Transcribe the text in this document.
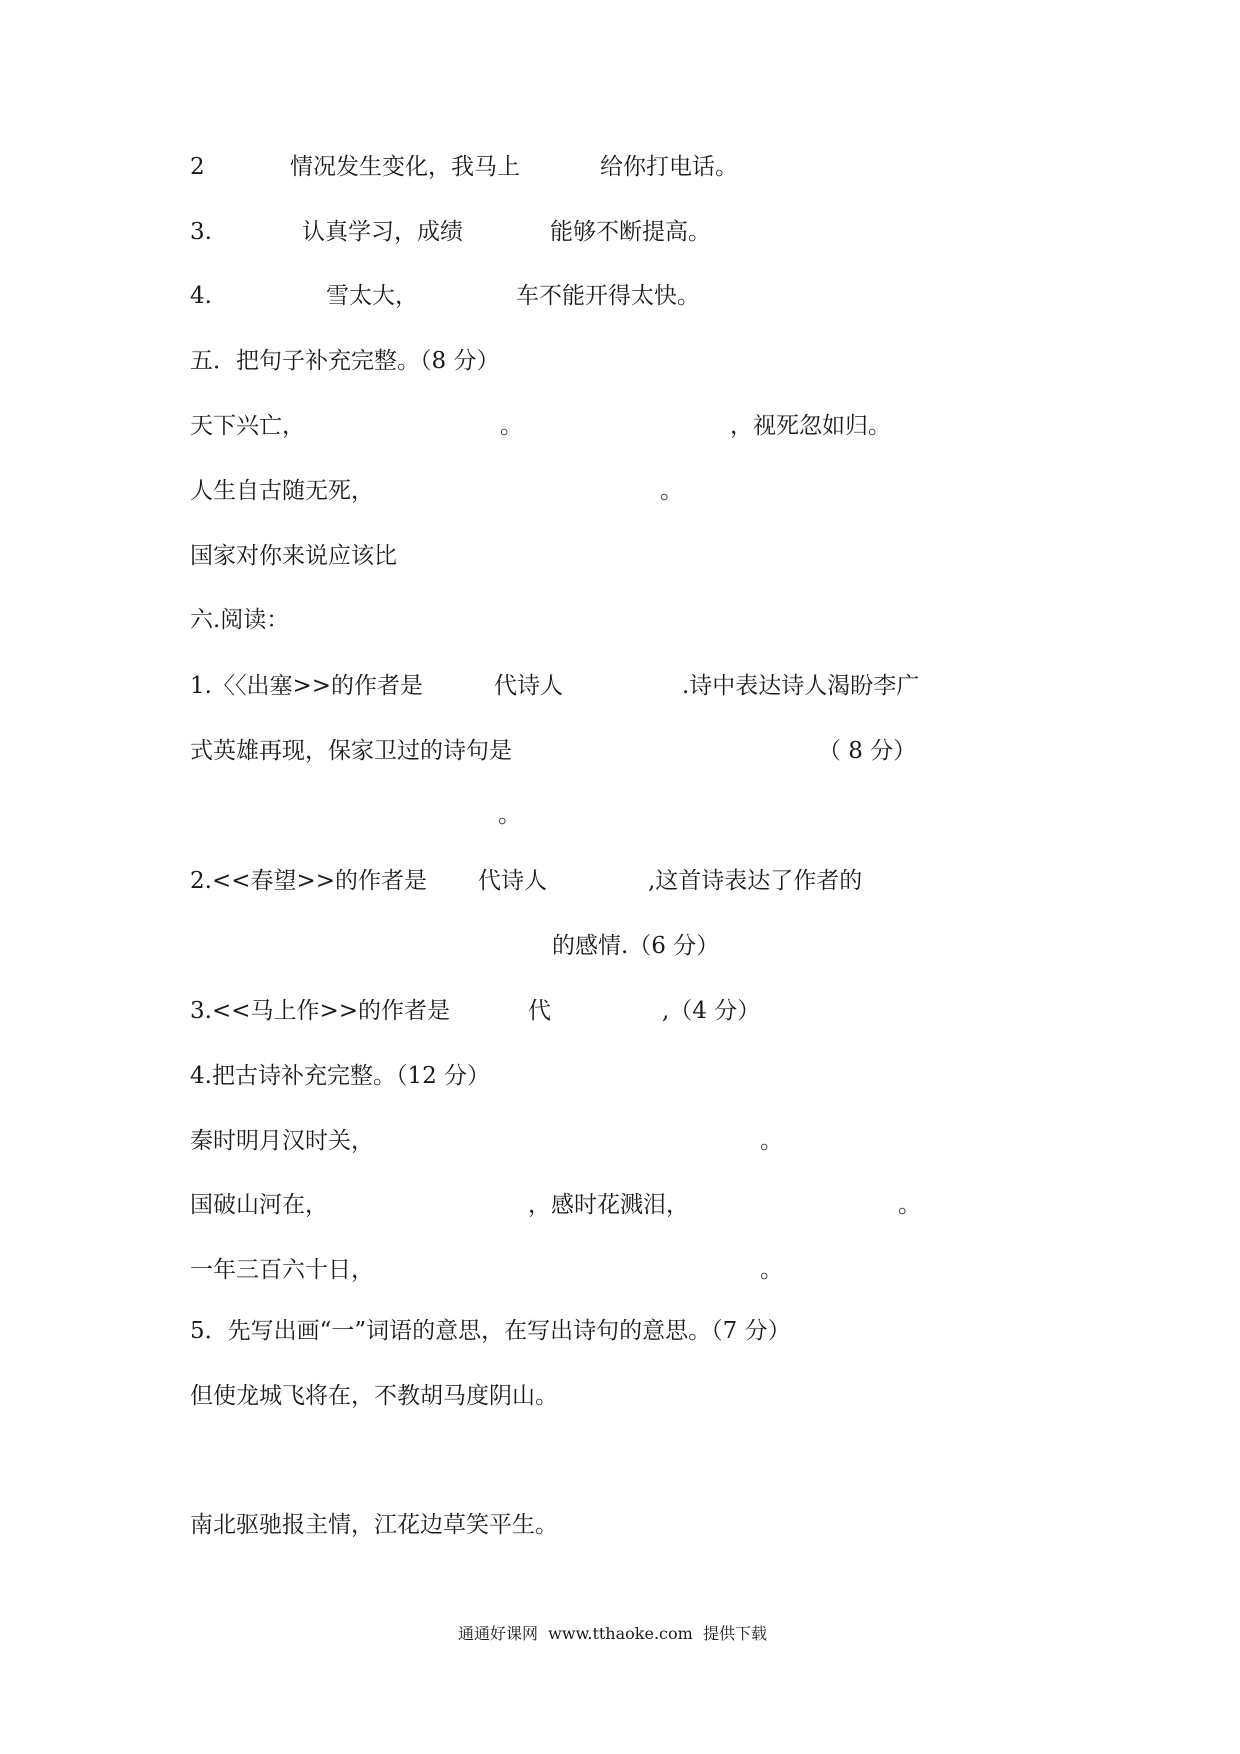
2	情况发生变化，我马上	给你打电话。
3.	认真学习，成绩	能够不断提高。
4.	雪太大，	车不能开得太快。
五．把句子补充完整。（8 分）
天下兴亡，	。	，视死忽如归。
人生自古随无死，	。
国家对你来说应该比
六.阅读：
1.〈〈出塞>>的作者是	代诗人	.诗中表达诗人渴盼李广
式英雄再现，保家卫过的诗句是	（ 8 分）
。
2.<<春望>>的作者是 代诗人	,这首诗表达了作者的
的感情.（6 分）
3.<<马上作>>的作者是	代	,（4 分）
4.把古诗补充完整。（12 分）
秦时明月汉时关，	。
国破山河在，	，感时花溅泪，	。
一年三百六十日，	。
5．先写出画“一”词语的意思，在写出诗句的意思。（7 分）
但使龙城飞将在，不教胡马度阴山。
南北驱驰报主情，江花边草笑平生。
通通好课网  www.tthaoke.com  提供下载
